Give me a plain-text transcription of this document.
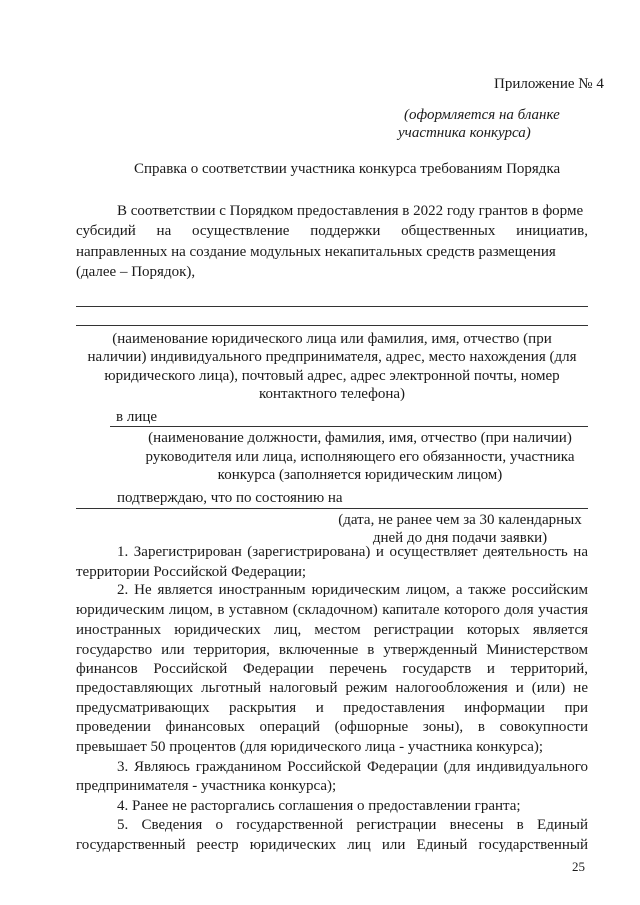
Приложение № 4
(оформляется на бланке
участника конкурса)
Справка о соответствии участника конкурса требованиям Порядка
В соответствии с Порядком предоставления в 2022 году грантов в форме
субсидий на осуществление поддержки общественных инициатив,
направленных на создание модульных некапитальных средств размещения
(далее – Порядок),
(наименование юридического лица или фамилия, имя, отчество (при
наличии) индивидуального предпринимателя, адрес, место нахождения (для
юридического лица), почтовый адрес, адрес электронной почты, номер
контактного телефона)
в лице
(наименование должности, фамилия, имя, отчество (при наличии)
руководителя или лица, исполняющего его обязанности, участника
конкурса (заполняется юридическим лицом)
подтверждаю, что по состоянию на
(дата, не ранее чем за 30 календарных
дней до дня подачи заявки)
1. Зарегистрирован (зарегистрирована) и осуществляет деятельность на
территории Российской Федерации;
2. Не является иностранным юридическим лицом, а также российским
юридическим лицом, в уставном (складочном) капитале которого доля участия
иностранных юридических лиц, местом регистрации которых является
государство или территория, включенные в утвержденный Министерством
финансов Российской Федерации перечень государств и территорий,
предоставляющих льготный налоговый режим налогообложения и (или) не
предусматривающих раскрытия и предоставления информации при
проведении финансовых операций (офшорные зоны), в совокупности
превышает 50 процентов (для юридического лица - участника конкурса);
3. Являюсь гражданином Российской Федерации (для индивидуального
предпринимателя - участника конкурса);
4. Ранее не расторгались соглашения о предоставлении гранта;
5. Сведения о государственной регистрации внесены в Единый
государственный реестр юридических лиц или Единый государственный
25
